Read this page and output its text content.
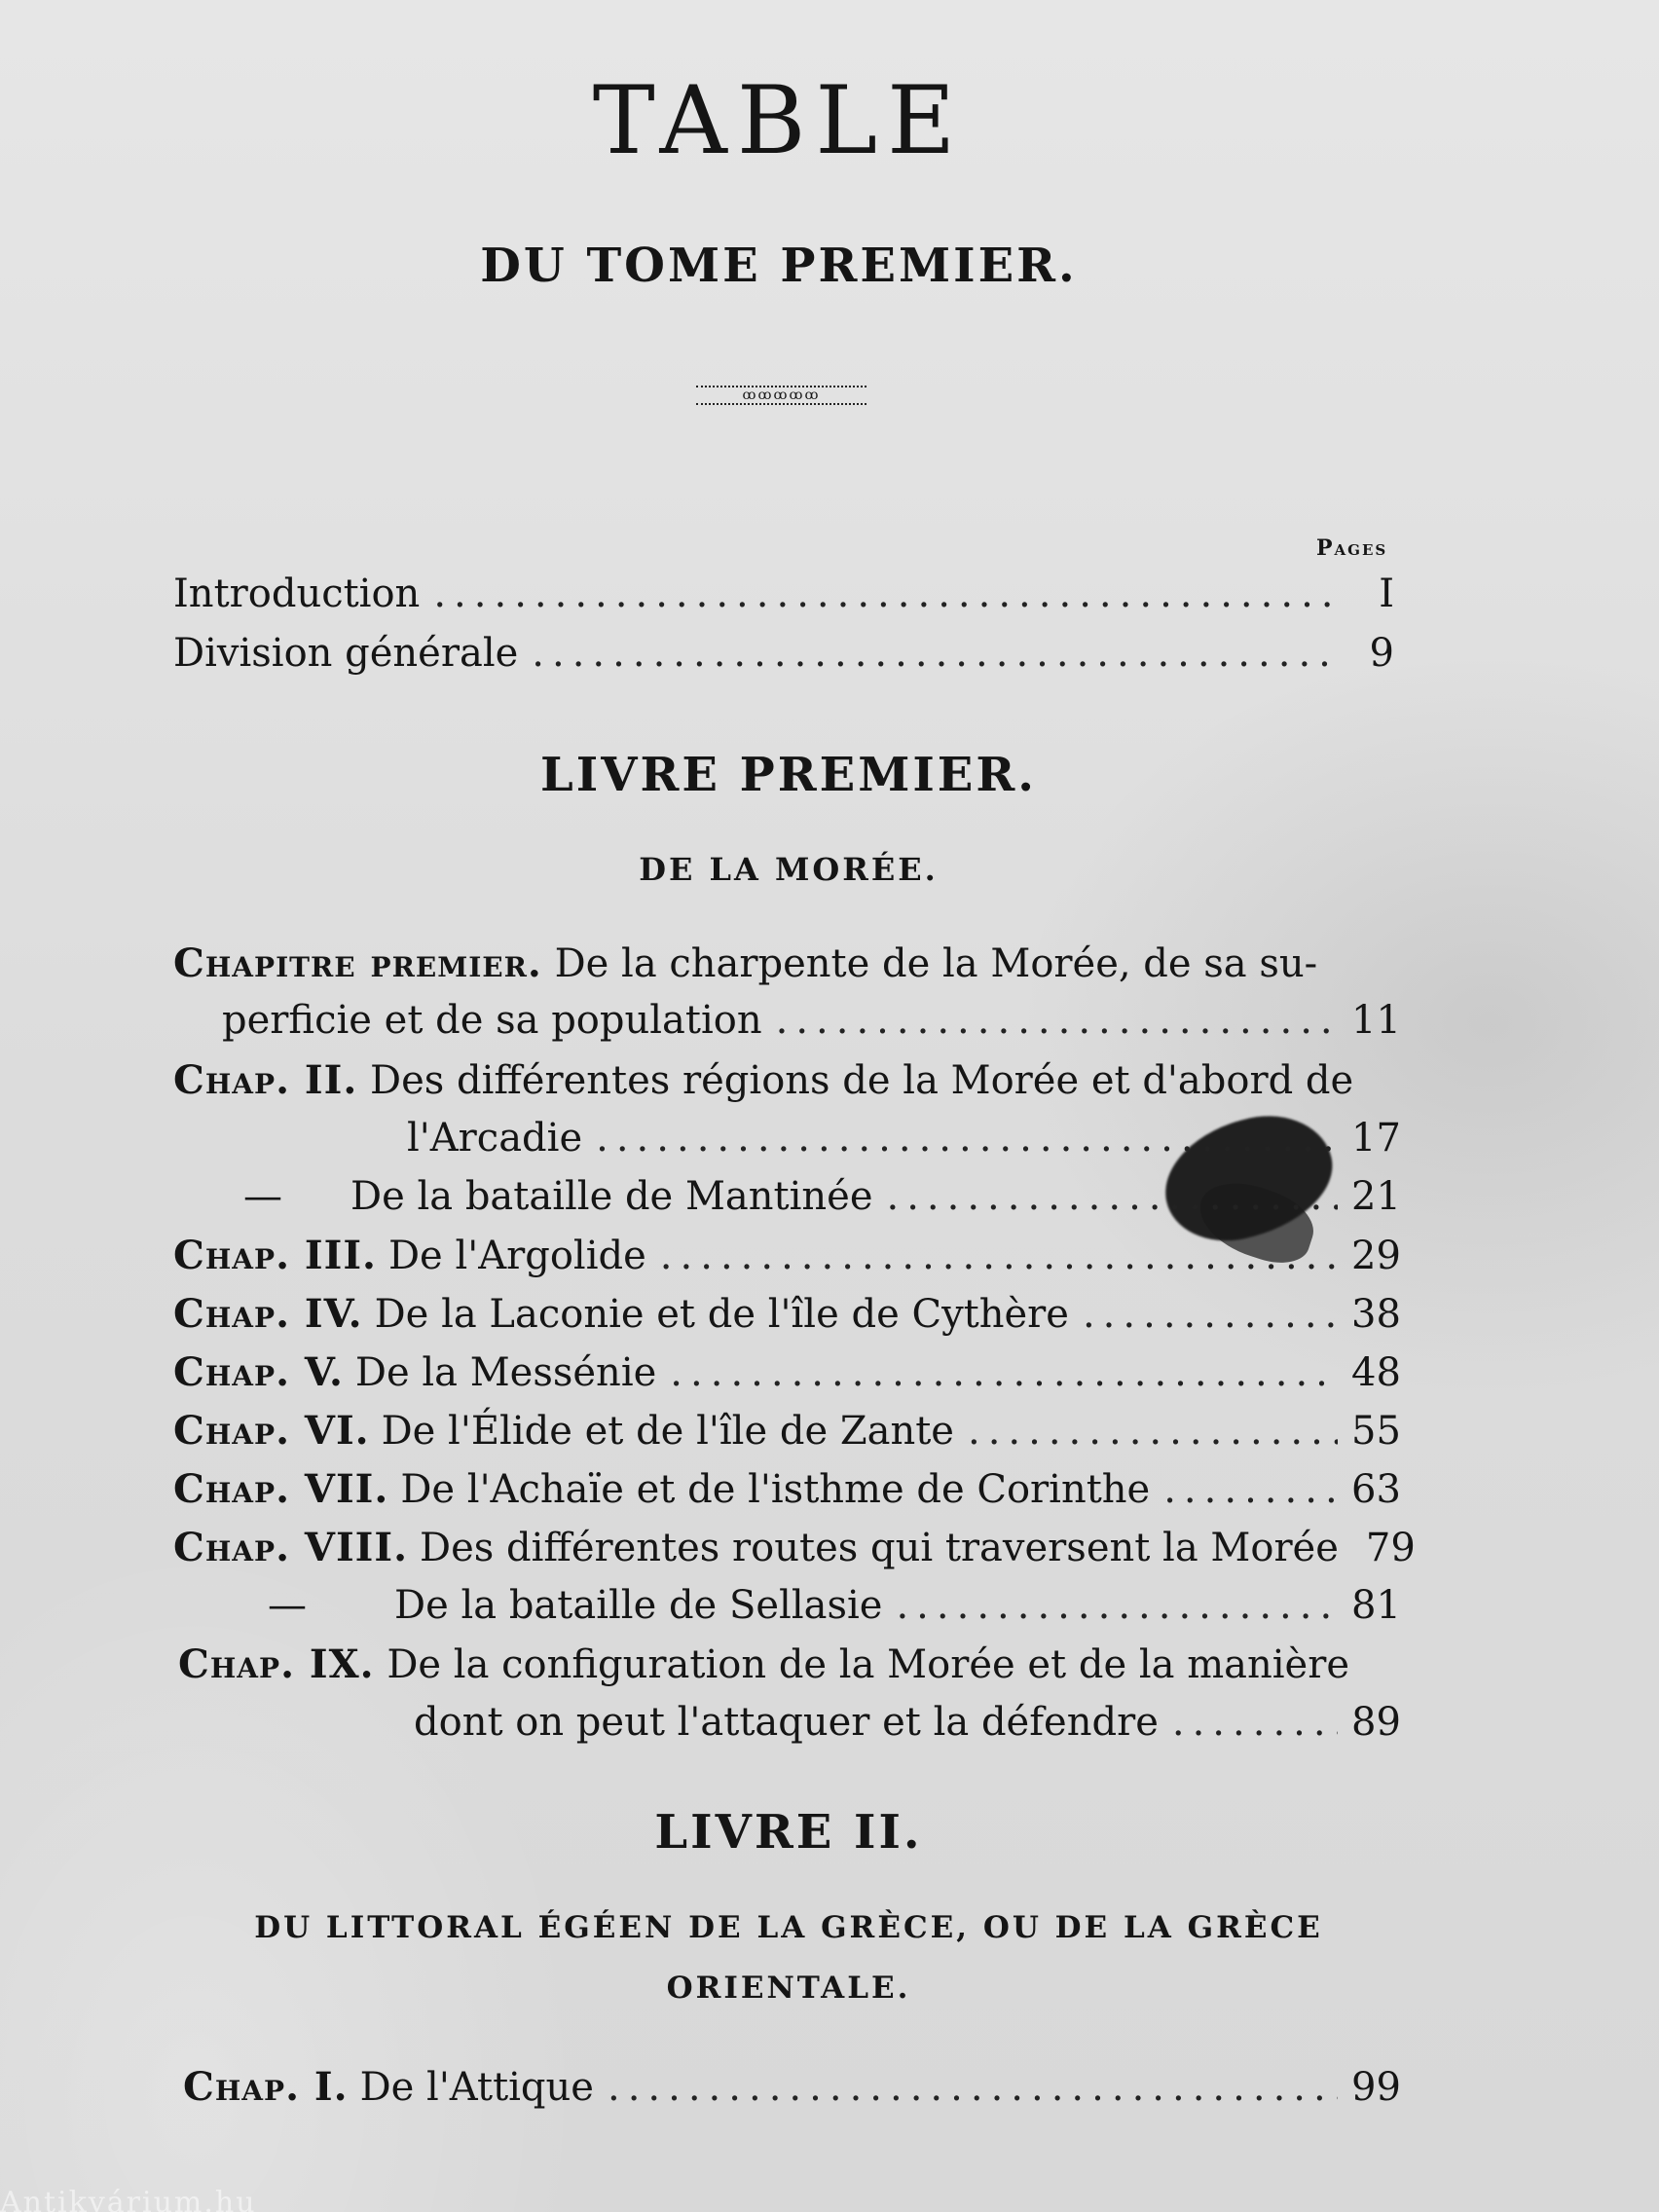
TABLE
DU TOME PREMIER.
ꝏꝏꝏꝏꝏ
Pages
Introduction .....	I
Division générale .....	9
LIVRE PREMIER.
DE LA MORÉE.
Chapitre premier. De la charpente de la Morée, de sa su-
perficie et de sa population .....	11
Chap. II. Des différentes régions de la Morée et d'abord de
l'Arcadie .....	17
— De la bataille de Mantinée .....	21
Chap. III. De l'Argolide .....	29
Chap. IV. De la Laconie et de l'île de Cythère .....	38
Chap. V. De la Messénie .....	48
Chap. VI. De l'Élide et de l'île de Zante .....	55
Chap. VII. De l'Achaïe et de l'isthme de Corinthe .....	63
Chap. VIII. Des différentes routes qui traversent la Morée 79
— De la bataille de Sellasie .....	81
Chap. IX. De la configuration de la Morée et de la manière
dont on peut l'attaquer et la défendre .....	89
LIVRE II.
DU LITTORAL ÉGÉEN DE LA GRÈCE, OU DE LA GRÈCE
ORIENTALE.
Chap. I. De l'Attique .....	99
Antikvárium.hu
